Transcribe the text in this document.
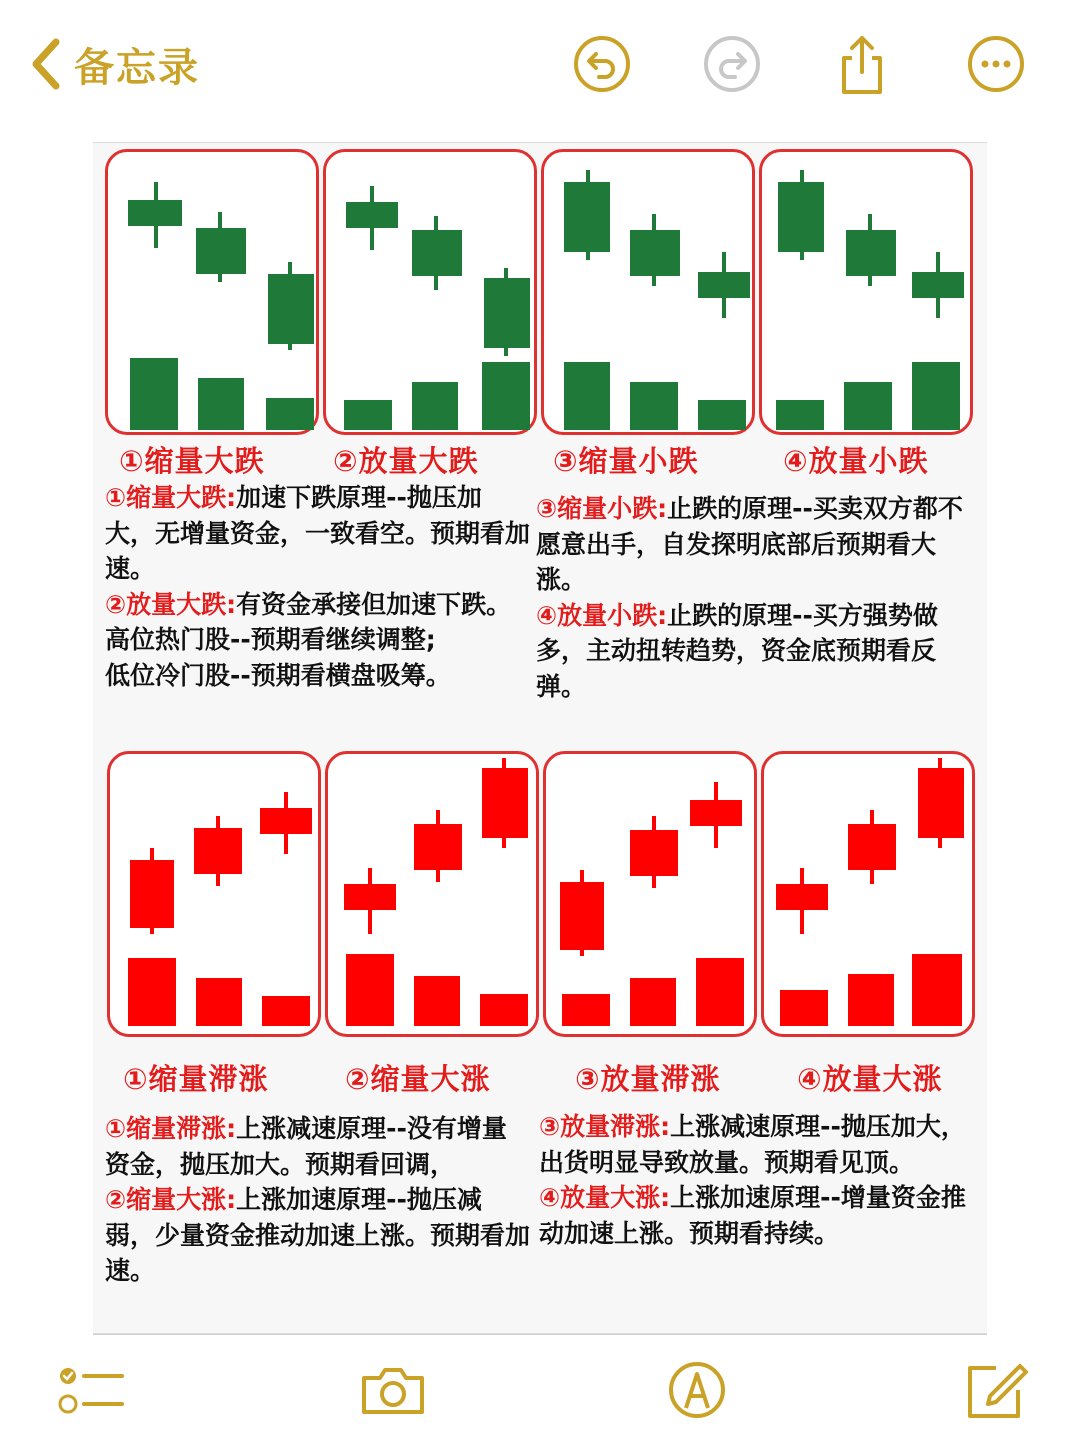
备忘录
①缩量大跌 ②放量大跌	③缩量小跌	④放量小跌

①缩量大跌:加速下跌原理--抛压加大，无增量资金，一致看空。预期看加速。

②放量大跌:有资金承接但加速下跌。

高位热门股--预期看继续调整;

低位冷门股--预期看横盘吸筹。

③缩量小跌:止跌的原理--买卖双方都不愿意出手，自发探明底部后预期看大涨。

④放量小跌:止跌的原理--买方强势做多，主动扭转趋势，资金底预期看反弹。

①缩量滞涨	②缩量大涨	③放量滞涨	④放量大涨

①缩量滞涨:上涨减速原理--没有增量资金，抛压加大。预期看回调，

②缩量大涨:上涨加速原理--抛压减弱，少量资金推动加速上涨。预期看加速。

③放量滞涨:上涨减速原理--抛压加大，出货明显导致放量。预期看见顶。

④放量大涨:上涨加速原理--增量资金推动加速上涨。预期看持续。
